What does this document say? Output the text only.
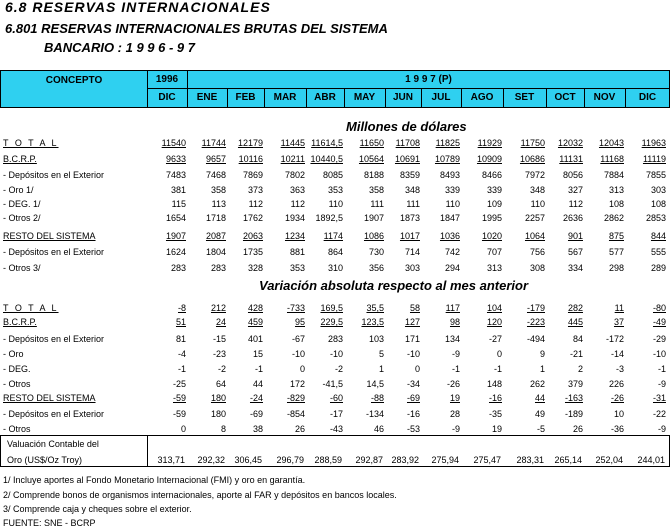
6.8 RESERVAS INTERNACIONALES
6.801 RESERVAS INTERNACIONALES BRUTAS DEL SISTEMA
BANCARIO : 1 9 9 6 - 9 7
CONCEPTO	1996	1 9 9 7 (P)
DIC	ENE	FEB	MAR	ABR	MAY	JUN	JUL	AGO	SET	OCT	NOV	DIC
Millones de dólares
T O T A L	11540 11744 12179 11445 11614,5 11650 11708 11825 11929 11750 12032 12043 11963
B.C.R.P.	9633 9657 10116 10211 10440,5 10564 10691 10789 10909 10686 11131 11168 11119
- Depósitos en el Exterior	7483 7468 7869 7802 8085 8188 8359 8493 8466	7972 8056 7884 7855
- Oro 1/	381	358 373	363	353	358 348	339	339	348	327	313	303
- DEG. 1/	115	113	112	112	110	111 111	110	109	110	112	108	108
- Otros 2/	1654 1718 1762 1934 1892,5 1907 1873 1847 1995	2257 2636 2862 2853
RESTO DEL SISTEMA	1907 2087 2063 1234 1174 1086 1017 1036 1020	1064	901	875	844
- Depósitos en el Exterior	1624 1804 1735	881	864	730 714	742	707	756	567	577	555
- Otros 3/	283	283 328	353	310	356 303	294	313	308	334	298	289
Variación absoluta respecto al mes anterior
T O T A L	-8	212 428	-733 169,5	35,5	58	117	104	-179	282	11	-80
B.C.R.P.	51	24 459	95 229,5 123,5 127	98	120	-223	445	37	-49
- Depósitos en el Exterior	81	-15 401	-67	283	103 171	134	-27	-494	84	-172	-29
- Oro	-4	-23	15	-10	-10	5	-10	-9	0	9	-21	-14	-10
- DEG.	-1	-2	-1	0	-2	1	0	-1	-1	1	2	-3	-1
- Otros	-25	64	44	172 -41,5	14,5	-34	-26	148	262	379	226	-9
RESTO DEL SISTEMA	-59	180	-24	-829	-60	-88	-69	19	-16	44 -163	-26	-31
- Depósitos en el Exterior	-59	180	-69	-854	-17	-134	-16	28	-35	49 -189	10	-22
- Otros	0	8	38	26	-43	46	-53	-9	19	-5	26	-36	-9
Valuación Contable del
Oro (US$/Oz Troy)	313,71 292,32 306,45 296,79 288,59 292,87 283,92 275,94 275,47 283,31 265,14 252,04 244,01
1/ Incluye aportes al Fondo Monetario Internacional (FMI) y oro en garantía.
2/ Comprende bonos de organismos internacionales, aporte al FAR y depósitos en bancos locales.
3/ Comprende caja y cheques sobre el exterior.
FUENTE: SNE - BCRP
